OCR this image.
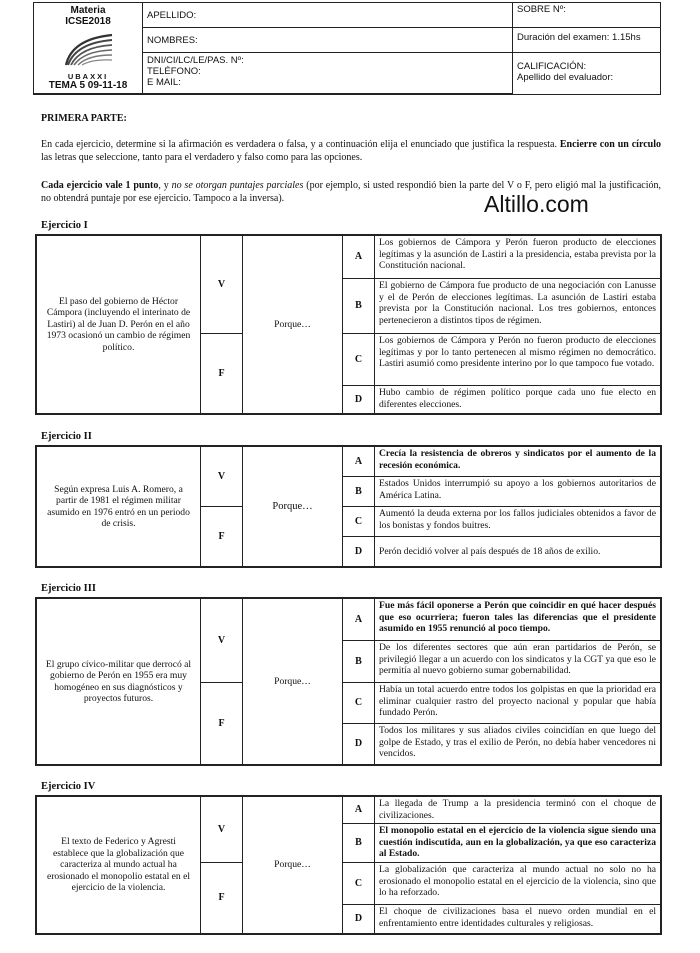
Materia
ICSE2018
UBAXXI
TEMA 5 09-11-18
APELLIDO:
NOMBRES:
DNI/CI/LC/LE/PAS. Nº:
TELÉFONO:
E MAIL:
SOBRE Nº:
Duración del examen: 1.15hs
CALIFICACIÓN:
Apellido del evaluador:
PRIMERA PARTE:
En cada ejercicio, determine si la afirmación es verdadera o falsa, y a continuación elija el enunciado que justifica la respuesta. Encierre con un círculo las letras que seleccione, tanto para el verdadero y falso como para las opciones.
Cada ejercicio vale 1 punto, y no se otorgan puntajes parciales (por ejemplo, si usted respondió bien la parte del V o F, pero eligió mal la justificación, no obtendrá puntaje por ese ejercicio. Tampoco a la inversa).	Altillo.com
Ejercicio I
El paso del gobierno de Héctor Cámpora (incluyendo el interinato de Lastiri) al de Juan D. Perón en el año 1973 ocasionó un cambio de régimen político.
V
F
Porque…
A
Los gobiernos de Cámpora y Perón fueron producto de elecciones legítimas y la asunción de Lastiri a la presidencia, estaba prevista por la Constitución nacional.
B
El gobierno de Cámpora fue producto de una negociación con Lanusse y el de Perón de elecciones legítimas. La asunción de Lastiri estaba prevista por la Constitución nacional. Los tres gobiernos, entonces pertenecieron a distintos tipos de régimen.
C
Los gobiernos de Cámpora y Perón no fueron producto de elecciones legítimas y por lo tanto pertenecen al mismo régimen no democrático. Lastiri asumió como presidente interino por lo que tampoco fue votado.
D
Hubo cambio de régimen político porque cada uno fue electo en diferentes elecciones.
Ejercicio II
Según expresa Luis A. Romero, a partir de 1981 el régimen militar asumido en 1976 entró en un periodo de crisis.
V
F
Porque…
A
Crecía la resistencia de obreros y sindicatos por el aumento de la recesión económica.
B
Estados Unidos interrumpió su apoyo a los gobiernos autoritarios de América Latina.
C
Aumentó la deuda externa por los fallos judiciales obtenidos a favor de los bonistas y fondos buitres.
D	Perón decidió volver al país después de 18 años de exilio.
Ejercicio III
El grupo cívico-militar que derrocó al gobierno de Perón en 1955 era muy homogéneo en sus diagnósticos y proyectos futuros.
V
F
Porque…
A
Fue más fácil oponerse a Perón que coincidir en qué hacer después que eso ocurriera; fueron tales las diferencias que el presidente asumido en 1955 renunció al poco tiempo.
B
De los diferentes sectores que aún eran partidarios de Perón, se privilegió llegar a un acuerdo con los sindicatos y la CGT ya que eso le permitía al nuevo gobierno sumar gobernabilidad.
C
Había un total acuerdo entre todos los golpistas en que la prioridad era eliminar cualquier rastro del proyecto nacional y popular que había fundado Perón.
D
Todos los militares y sus aliados civiles coincidían en que luego del golpe de Estado, y tras el exilio de Perón, no debía haber vencedores ni vencidos.
Ejercicio IV
El texto de Federico y Agresti establece que la globalización que caracteriza al mundo actual ha erosionado el monopolio estatal en el ejercicio de la violencia.
V
F
Porque…
A
La llegada de Trump a la presidencia terminó con el choque de civilizaciones.
B
El monopolio estatal en el ejercicio de la violencia sigue siendo una cuestión indiscutida, aun en la globalización, ya que eso caracteriza al Estado.
C
La globalización que caracteriza al mundo actual no solo no ha erosionado el monopolio estatal en el ejercicio de la violencia, sino que lo ha reforzado.
D
El choque de civilizaciones basa el nuevo orden mundial en el enfrentamiento entre identidades culturales y religiosas.
